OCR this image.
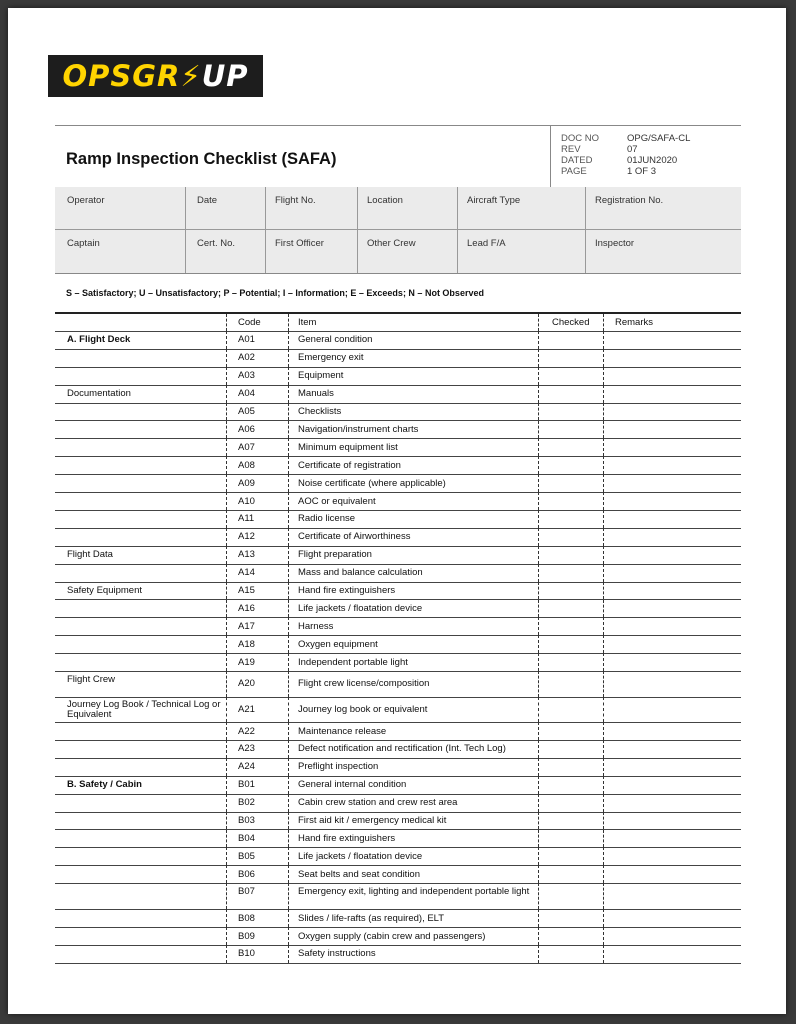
OPSGR ⚡ UP
Ramp Inspection Checklist (SAFA)
DOC NO	OPG/SAFA-CL
REV	07
DATED	01JUN2020
PAGE	1 OF 3
Operator	Date	Flight No.	Location	Aircraft Type	Registration No.
Captain	Cert. No.	First Officer	Other Crew	Lead F/A	Inspector
S – Satisfactory; U – Unsatisfactory; P – Potential; I – Information; E – Exceeds; N – Not Observed
Code	Item	Checked	Remarks
A. Flight Deck	A01	General condition
A02	Emergency exit
A03	Equipment
Documentation	A04	Manuals
A05	Checklists
A06	Navigation/instrument charts
A07	Minimum equipment list
A08	Certificate of registration
A09	Noise certificate (where applicable)
A10	AOC or equivalent
A11	Radio license
A12	Certificate of Airworthiness
Flight Data	A13	Flight preparation
A14	Mass and balance calculation
Safety Equipment	A15	Hand fire extinguishers
A16	Life jackets / floatation device
A17	Harness
A18	Oxygen equipment
A19	Independent portable light
Flight Crew	A20	Flight crew license/composition
Journey Log Book / Technical Log or Equivalent	A21	Journey log book or equivalent
A22	Maintenance release
A23	Defect notification and rectification (Int. Tech Log)
A24	Preflight inspection
B. Safety / Cabin	B01	General internal condition
B02	Cabin crew station and crew rest area
B03	First aid kit / emergency medical kit
B04	Hand fire extinguishers
B05	Life jackets / floatation device
B06	Seat belts and seat condition
B07	Emergency exit, lighting and independent portable light
B08	Slides / life-rafts (as required), ELT
B09	Oxygen supply (cabin crew and passengers)
B10	Safety instructions
